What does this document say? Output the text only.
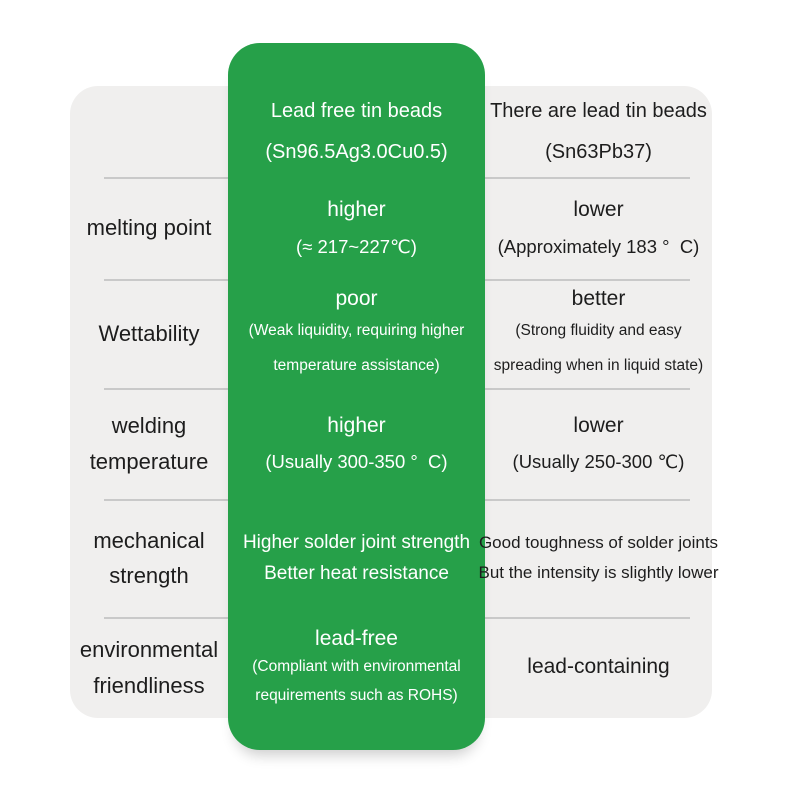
Lead free tin beads
(Sn96.5Ag3.0Cu0.5)
There are lead tin beads
(Sn63Pb37)
melting point
higher
(≈ 217~227℃)
lower
(Approximately 183 °  C)
Wettability
poor
(Weak liquidity, requiring higher
temperature assistance)
better
(Strong fluidity and easy
spreading when in liquid state)
welding
temperature
higher
(Usually 300-350 °  C)
lower
(Usually 250-300 ℃)
mechanical
strength
Higher solder joint strength
Better heat resistance
Good toughness of solder joints
But the intensity is slightly lower
environmental
friendliness
lead-free
(Compliant with environmental
requirements such as ROHS)
lead-containing
